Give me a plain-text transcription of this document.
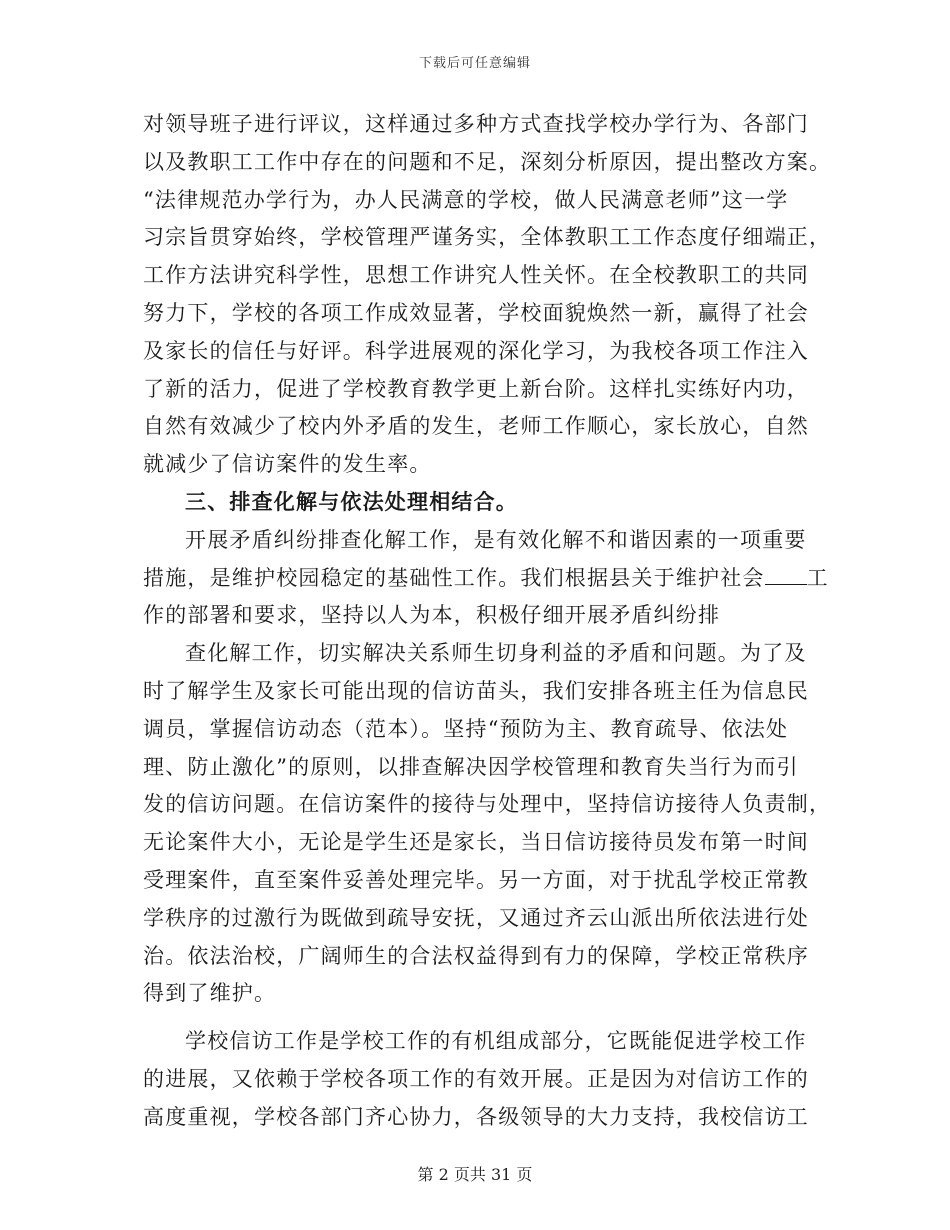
下载后可任意编辑
对领导班子进行评议，这样通过多种方式查找学校办学行为、各部门
以及教职工工作中存在的问题和不足，深刻分析原因，提出整改方案。
“法律规范办学行为，办人民满意的学校，做人民满意老师”这一学
习宗旨贯穿始终，学校管理严谨务实，全体教职工工作态度仔细端正，
工作方法讲究科学性，思想工作讲究人性关怀。在全校教职工的共同
努力下，学校的各项工作成效显著，学校面貌焕然一新，赢得了社会
及家长的信任与好评。科学进展观的深化学习，为我校各项工作注入
了新的活力，促进了学校教育教学更上新台阶。这样扎实练好内功，
自然有效减少了校内外矛盾的发生，老师工作顺心，家长放心，自然
就减少了信访案件的发生率。
三、排查化解与依法处理相结合。
开展矛盾纠纷排查化解工作，是有效化解不和谐因素的一项重要
措施，是维护校园稳定的基础性工作。我们根据县关于维护社会 工
作的部署和要求，坚持以人为本，积极仔细开展矛盾纠纷排
查化解工作，切实解决关系师生切身利益的矛盾和问题。为了及
时了解学生及家长可能出现的信访苗头，我们安排各班主任为信息民
调员，掌握信访动态（范本）。坚持“预防为主、教育疏导、依法处
理、防止激化”的原则，以排查解决因学校管理和教育失当行为而引
发的信访问题。在信访案件的接待与处理中，坚持信访接待人负责制，
无论案件大小，无论是学生还是家长，当日信访接待员发布第一时间
受理案件，直至案件妥善处理完毕。另一方面，对于扰乱学校正常教
学秩序的过激行为既做到疏导安抚，又通过齐云山派出所依法进行处
治。依法治校，广阔师生的合法权益得到有力的保障，学校正常秩序
得到了维护。
学校信访工作是学校工作的有机组成部分，它既能促进学校工作
的进展，又依赖于学校各项工作的有效开展。正是因为对信访工作的
高度重视，学校各部门齐心协力，各级领导的大力支持，我校信访工
第 2 页共 31 页
